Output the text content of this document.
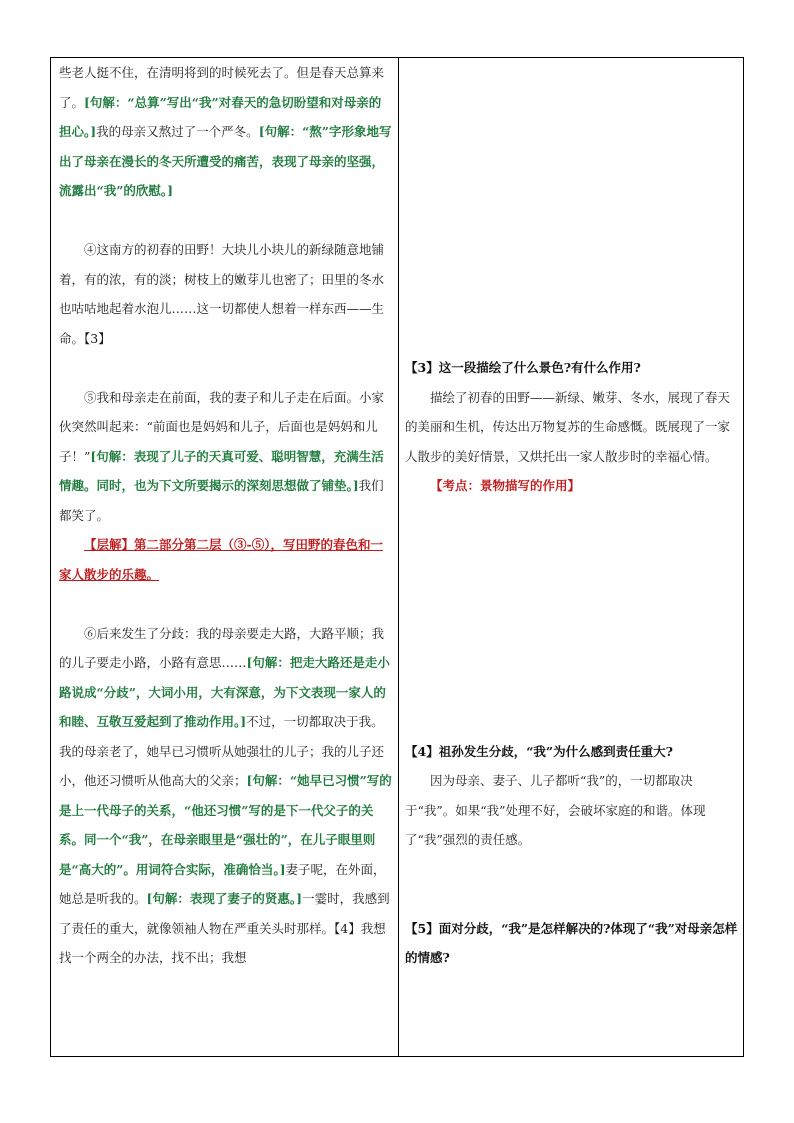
些老人挺不住，在清明将到的时候死去了。但是春天总算来了。[句解：“总算”写出“我”对春天的急切盼望和对母亲的担心。]我的母亲又熬过了一个严冬。[句解：“熬”字形象地写出了母亲在漫长的冬天所遭受的痛苦，表现了母亲的坚强，流露出“我”的欣慰。]

④这南方的初春的田野！大块儿小块儿的新绿随意地铺着，有的浓，有的淡；树枝上的嫩芽儿也密了；田里的冬水也咕咕地起着水泡儿……这一切都使人想着一样东西——生命。【3】

⑤我和母亲走在前面，我的妻子和儿子走在后面。小家伙突然叫起来：“前面也是妈妈和儿子，后面也是妈妈和儿子！”[句解：表现了儿子的天真可爱、聪明智慧，充满生活情趣。同时，也为下文所要揭示的深刻思想做了铺垫。]我们都笑了。

【层解】第二部分第二层（③-⑤），写田野的春色和一家人散步的乐趣。

⑥后来发生了分歧：我的母亲要走大路，大路平顺；我的儿子要走小路，小路有意思……[句解：把走大路还是走小路说成“分歧”，大词小用，大有深意，为下文表现一家人的和睦、互敬互爱起到了推动作用。]不过，一切都取决于我。我的母亲老了，她早已习惯听从她强壮的儿子；我的儿子还小，他还习惯听从他高大的父亲；[句解：“她早已习惯”写的是上一代母子的关系，“他还习惯”写的是下一代父子的关系。同一个“我”，在母亲眼里是“强壮的”，在儿子眼里则是“高大的”。用词符合实际，准确恰当。]妻子呢，在外面，她总是听我的。[句解：表现了妻子的贤惠。]一霎时，我感到了责任的重大，就像领袖人物在严重关头时那样。【4】我想找一个两全的办法，找不出；我想

【3】这一段描绘了什么景色?有什么作用?

描绘了初春的田野——新绿、嫩芽、冬水，展现了春天的美丽和生机，传达出万物复苏的生命感慨。既展现了一家人散步的美好情景，又烘托出一家人散步时的幸福心情。

【考点：景物描写的作用】

【4】祖孙发生分歧，“我”为什么感到责任重大?

因为母亲、妻子、儿子都听“我”的，一切都取决于“我”。如果“我”处理不好，会破坏家庭的和谐。体现了“我”强烈的责任感。

【5】面对分歧，“我”是怎样解决的?体现了“我”对母亲怎样的情感?
